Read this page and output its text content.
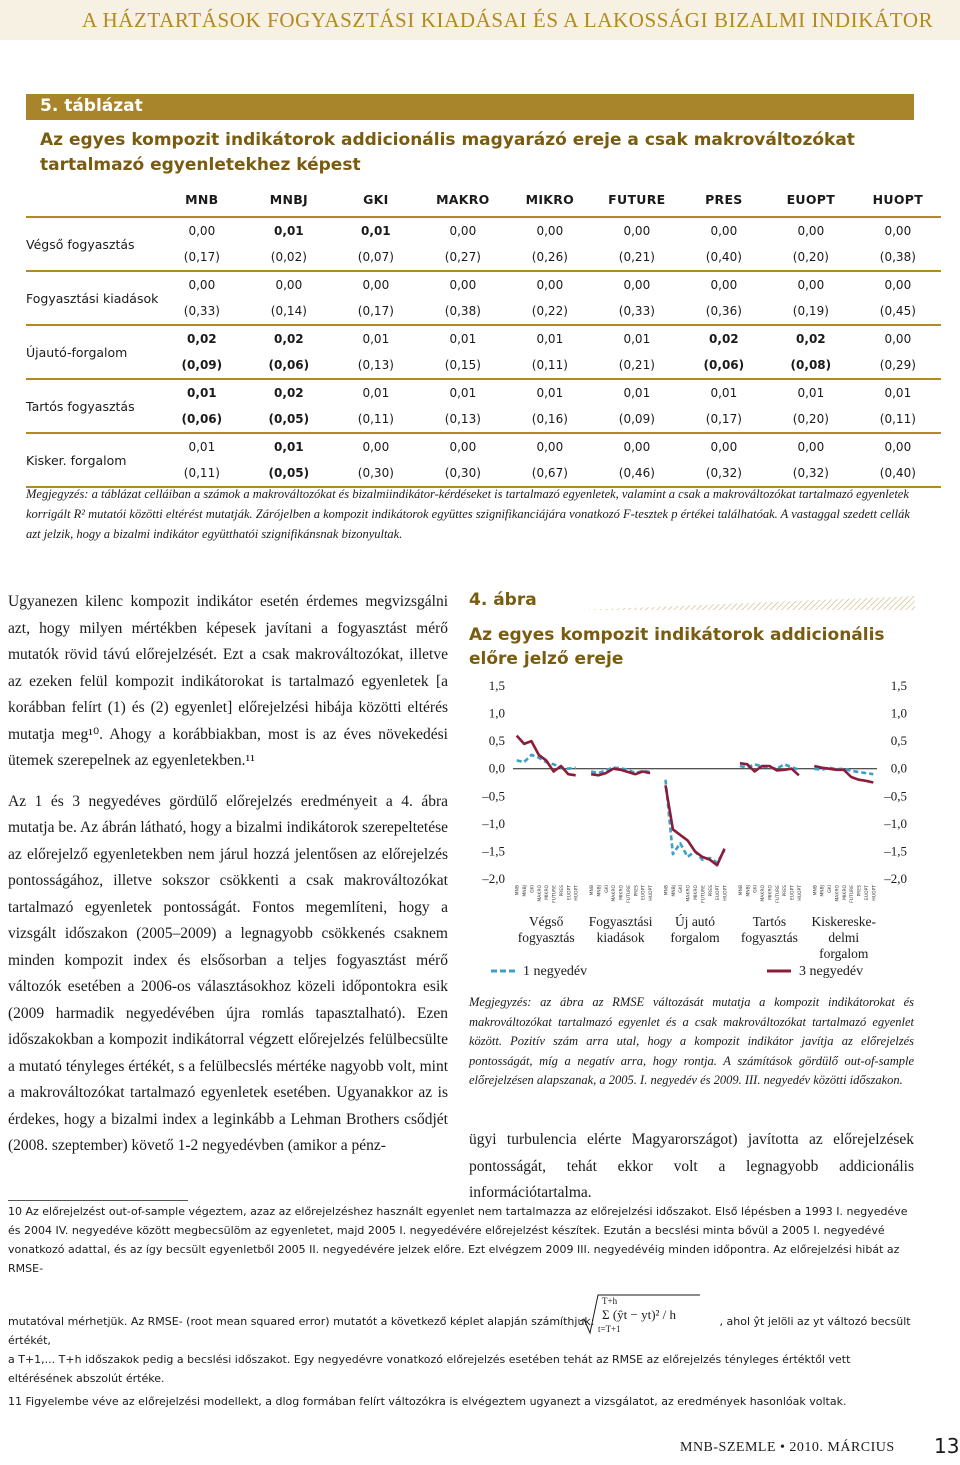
A HÁZTARTÁSOK FOGYASZTÁSI KIADÁSAI ÉS A LAKOSSÁGI BIZALMI INDIKÁTOR
5. táblázat
Az egyes kompozit indikátorok addicionális magyarázó ereje a csak makrováltozókat tartalmazó egyenletekhez képest
	MNB	MNBJ	GKI	MAKRO	MIKRO	FUTURE	PRES	EUOPT	HUOPT
Végső fogyasztás	0,00	0,01	0,01	0,00	0,00	0,00	0,00	0,00	0,00
	(0,17)	(0,02)	(0,07)	(0,27)	(0,26)	(0,21)	(0,40)	(0,20)	(0,38)
Fogyasztási kiadások	0,00	0,00	0,00	0,00	0,00	0,00	0,00	0,00	0,00
	(0,33)	(0,14)	(0,17)	(0,38)	(0,22)	(0,33)	(0,36)	(0,19)	(0,45)
Újautó-forgalom	0,02	0,02	0,01	0,01	0,01	0,01	0,02	0,02	0,00
	(0,09)	(0,06)	(0,13)	(0,15)	(0,11)	(0,21)	(0,06)	(0,08)	(0,29)
Tartós fogyasztás	0,01	0,02	0,01	0,01	0,01	0,01	0,01	0,01	0,01
	(0,06)	(0,05)	(0,11)	(0,13)	(0,16)	(0,09)	(0,17)	(0,20)	(0,11)
Kisker. forgalom	0,01	0,01	0,00	0,00	0,00	0,00	0,00	0,00	0,00
	(0,11)	(0,05)	(0,30)	(0,30)	(0,67)	(0,46)	(0,32)	(0,32)	(0,40)
Megjegyzés: a táblázat celláiban a számok a makrováltozókat és bizalmiindikátor-kérdéseket is tartalmazó egyenletek, valamint a csak a makrováltozókat tartalmazó egyenletek korrigált R² mutatói közötti eltérést mutatják. Zárójelben a kompozit indikátorok együttes szignifikanciájára vonatkozó F-tesztek p értékei találhatóak. A vastaggal szedett cellák azt jelzik, hogy a bizalmi indikátor együtthatói szignifikánsnak bizonyultak.

Ugyanezen kilenc kompozit indikátor esetén érdemes megvizsgálni azt, hogy milyen mértékben képesek javítani a fogyasztást mérő mutatók rövid távú előrejelzését. Ezt a csak makrováltozókat, illetve az ezeken felül kompozit indikátorokat is tartalmazó egyenletek [a korábban felírt (1) és (2) egyenlet] előrejelzési hibája közötti eltérés mutatja meg¹⁰. Ahogy a korábbiakban, most is az éves növekedési ütemek szerepelnek az egyenletekben.¹¹

Az 1 és 3 negyedéves gördülő előrejelzés eredményeit a 4. ábra mutatja be. Az ábrán látható, hogy a bizalmi indikátorok szerepeltetése az előrejelző egyenletekben nem járul hozzá jelentősen az előrejelzés pontosságához, illetve sokszor csökkenti a csak makrováltozókat tartalmazó egyenletek pontosságát. Fontos megemlíteni, hogy a vizsgált időszakon (2005–2009) a legnagyobb csökkenés csaknem minden kompozit index és elsősorban a teljes fogyasztást mérő változók esetében a 2006-os választásokhoz közeli időpontokra esik (2009 harmadik negyedévében újra romlás tapasztalható). Ezen időszakokban a kompozit indikátorral végzett előrejelzés felülbecsülte a mutató tényleges értékét, s a felülbecslés mértéke nagyobb volt, mint a makrováltozókat tartalmazó egyenletek esetében. Ugyanakkor az is érdekes, hogy a bizalmi index a leginkább a Lehman Brothers csődjét (2008. szeptember) követő 1-2 negyedévben (amikor a pénz-

4. ábra
Az egyes kompozit indikátorok addicionális előre jelző ereje
1,5	1,5
1,0	1,0
0,5	0,5
0,0	0,0
–0,5	–0,5
–1,0	–1,0
–1,5	–1,5
–2,0	–2,0
MNB MNBJ GKI MAKRO MIKRO FUTURE PRES EUOPT HUOPT
Végső
fogyasztás
MNB MNBJ GKI MAKRO MIKRO FUTURE PRES EUOPT HUOPT
Fogyasztási
kiadások
MNB MNBJ GKI MAKRO MIKRO FUTURE PRES EUOPT HUOPT
Új autó
forgalom
MNB MNBJ GKI MAKRO MIKRO FUTURE PRES EUOPT HUOPT
Tartós
fogyasztás
MNB MNBJ GKI MAKRO MIKRO FUTURE PRES EUOPT HUOPT
Kiskereske-
delmi
forgalom
1 negyedév	3 negyedév
Megjegyzés: az ábra az RMSE változását mutatja a kompozit indikátorokat és makrováltozókat tartalmazó egyenlet és a csak makrováltozókat tartalmazó egyenlet között. Pozitív szám arra utal, hogy a kompozit indikátor javítja az előrejelzés pontosságát, míg a negatív arra, hogy rontja. A számítások gördülő out-of-sample előrejelzésen alapszanak, a 2005. I. negyedév és 2009. III. negyedév közötti időszakon.
ügyi turbulencia elérte Magyarországot) javította az előrejelzések pontosságát, tehát ekkor volt a legnagyobb addicionális információtartalma.

10 Az előrejelzést out-of-sample végeztem, azaz az előrejelzéshez használt egyenlet nem tartalmazza az előrejelzési időszakot. Első lépésben a 1993 I. negyedéve és 2004 IV. negyedéve között megbecsülöm az egyenletet, majd 2005 I. negyedévére előrejelzést készítek. Ezután a becslési minta bővül a 2005 I. negyedévé vonatkozó adattal, és az így becsült egyenletből 2005 II. negyedévére jelzek előre. Ezt elvégzem 2009 III. negyedévéig minden időpontra. Az előrejelzési hibát az RMSE-

mutatóval mérhetjük. Az RMSE- (root mean squared error) mutatót a következő képlet alapján számíthjuk:	, ahol ŷt jelöli az yt változó becsült értékét,

a T+1,... T+h időszakok pedig a becslési időszakot. Egy negyedévre vonatkozó előrejelzés esetében tehát az RMSE az előrejelzés tényleges értéktől vett eltérésének abszolút értéke.

11 Figyelembe véve az előrejelzési modellekt, a dlog formában felírt változókra is elvégeztem ugyanezt a vizsgálatot, az eredmények hasonlóak voltak.

T+h
Σ (ŷt − yt)² / h
t=T+1
MNB-SZEMLE • 2010. MÁRCIUS 13
